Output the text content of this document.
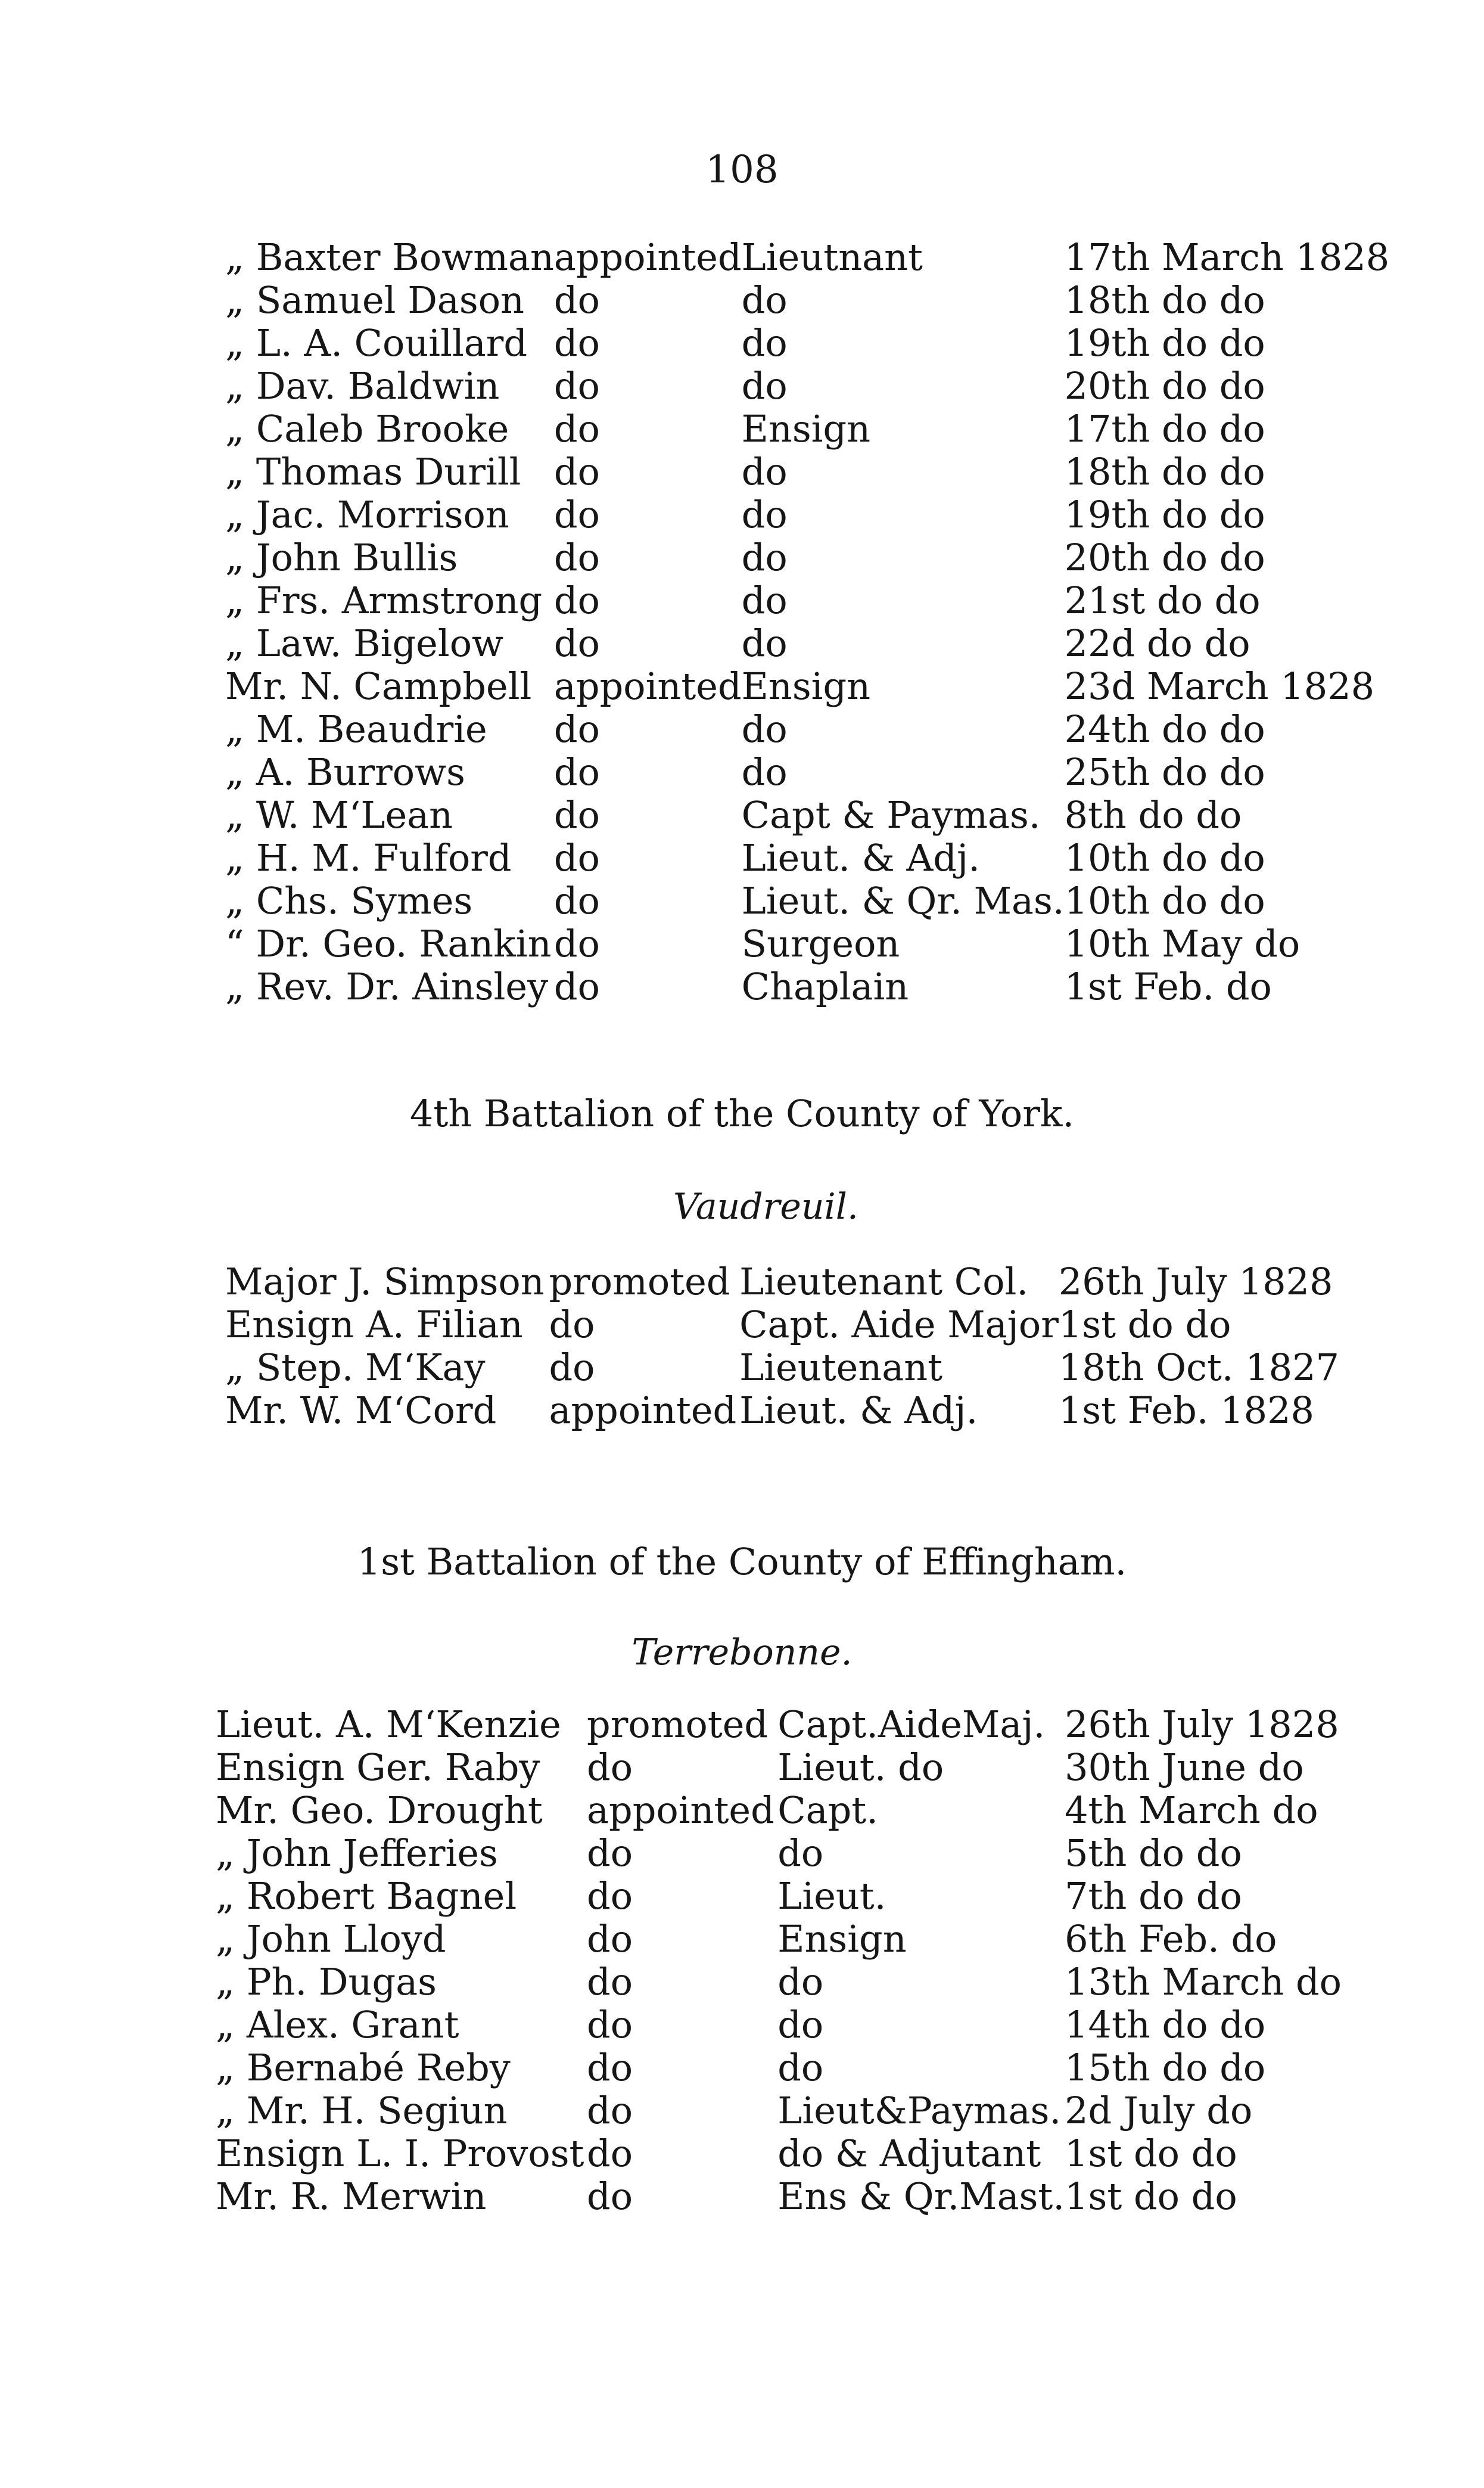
108
„ Baxter Bowman	appointed	Lieutnant	17th March 1828
„ Samuel Dason	do	do	18th do do
„ L. A. Couillard	do	do	19th do do
„ Dav. Baldwin	do	do	20th do do
„ Caleb Brooke	do	Ensign	17th do do
„ Thomas Durill	do	do	18th do do
„ Jac. Morrison	do	do	19th do do
„ John Bullis	do	do	20th do do
„ Frs. Armstrong	do	do	21st do do
„ Law. Bigelow	do	do	22d do do
Mr. N. Campbell	appointed	Ensign	23d March 1828
„ M. Beaudrie	do	do	24th do do
„ A. Burrows	do	do	25th do do
„ W. M‘Lean	do	Capt & Paymas.	8th do do
„ H. M. Fulford	do	Lieut. & Adj.	10th do do
„ Chs. Symes	do	Lieut. & Qr. Mas.	10th do do
“ Dr. Geo. Rankin	do	Surgeon	10th May do
„ Rev. Dr. Ainsley	do	Chaplain	1st Feb. do
4th Battalion of the County of York.
Vaudreuil.
Major J. Simpson	promoted	Lieutenant Col.	26th July 1828
Ensign A. Filian	do	Capt. Aide Major	1st do do
„ Step. M‘Kay	do	Lieutenant	18th Oct. 1827
Mr. W. M‘Cord	appointed	Lieut. & Adj.	1st Feb. 1828
1st Battalion of the County of Effingham.
Terrebonne.
Lieut. A. M‘Kenzie	promoted	Capt.AideMaj.	26th July 1828
Ensign Ger. Raby	do	Lieut. do	30th June do
Mr. Geo. Drought	appointed	Capt.	4th March do
„ John Jefferies	do	do	5th do do
„ Robert Bagnel	do	Lieut.	7th do do
„ John Lloyd	do	Ensign	6th Feb. do
„ Ph. Dugas	do	do	13th March do
„ Alex. Grant	do	do	14th do do
„ Bernabé Reby	do	do	15th do do
„ Mr. H. Segiun	do	Lieut&Paymas.	2d July do
Ensign L. I. Provost	do	do & Adjutant	1st do do
Mr. R. Merwin	do	Ens & Qr.Mast.	1st do do
